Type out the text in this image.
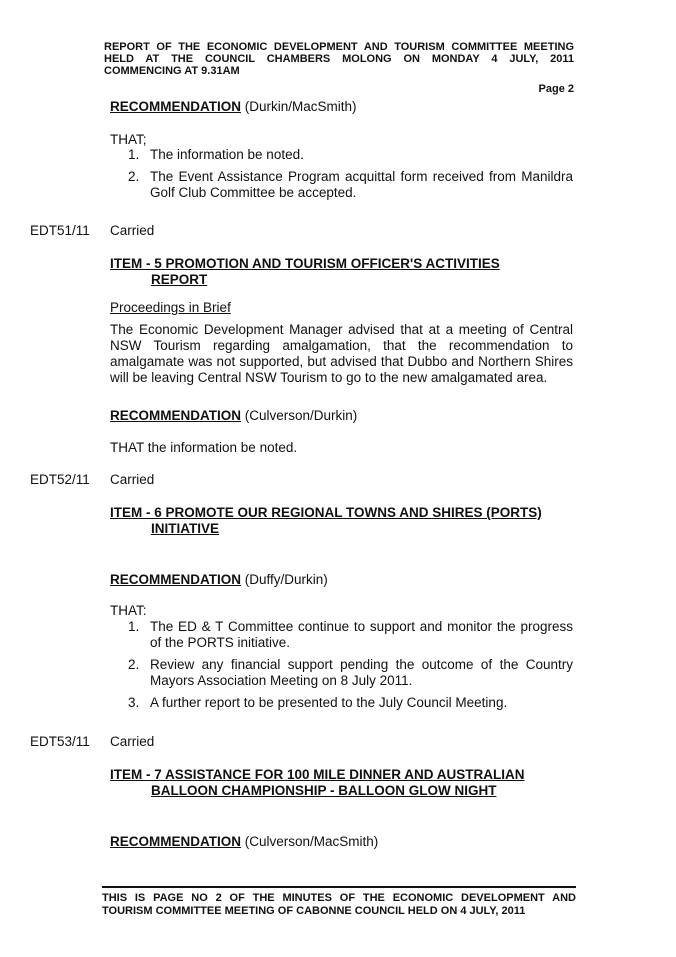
REPORT OF THE ECONOMIC DEVELOPMENT AND TOURISM COMMITTEE MEETING
HELD AT THE COUNCIL CHAMBERS MOLONG ON MONDAY 4 JULY, 2011
COMMENCING AT 9.31AM
Page 2
RECOMMENDATION (Durkin/MacSmith)
THAT;
1. The information be noted.
2. The Event Assistance Program acquittal form received from Manildra Golf Club Committee be accepted.
EDT51/11 Carried
ITEM - 5 PROMOTION AND TOURISM OFFICER'S ACTIVITIES
REPORT
Proceedings in Brief
The Economic Development Manager advised that at a meeting of Central NSW Tourism regarding amalgamation, that the recommendation to amalgamate was not supported, but advised that Dubbo and Northern Shires will be leaving Central NSW Tourism to go to the new amalgamated area.
RECOMMENDATION (Culverson/Durkin)
THAT the information be noted.
EDT52/11 Carried
ITEM - 6 PROMOTE OUR REGIONAL TOWNS AND SHIRES (PORTS)
INITIATIVE
RECOMMENDATION (Duffy/Durkin)
THAT:
1. The ED & T Committee continue to support and monitor the progress of the PORTS initiative.
2. Review any financial support pending the outcome of the Country Mayors Association Meeting on 8 July 2011.
3. A further report to be presented to the July Council Meeting.
EDT53/11 Carried
ITEM - 7 ASSISTANCE FOR 100 MILE DINNER AND AUSTRALIAN
BALLOON CHAMPIONSHIP - BALLOON GLOW NIGHT
RECOMMENDATION (Culverson/MacSmith)
THIS IS PAGE NO 2 OF THE MINUTES OF THE ECONOMIC DEVELOPMENT AND
TOURISM COMMITTEE MEETING OF CABONNE COUNCIL HELD ON 4 JULY, 2011
